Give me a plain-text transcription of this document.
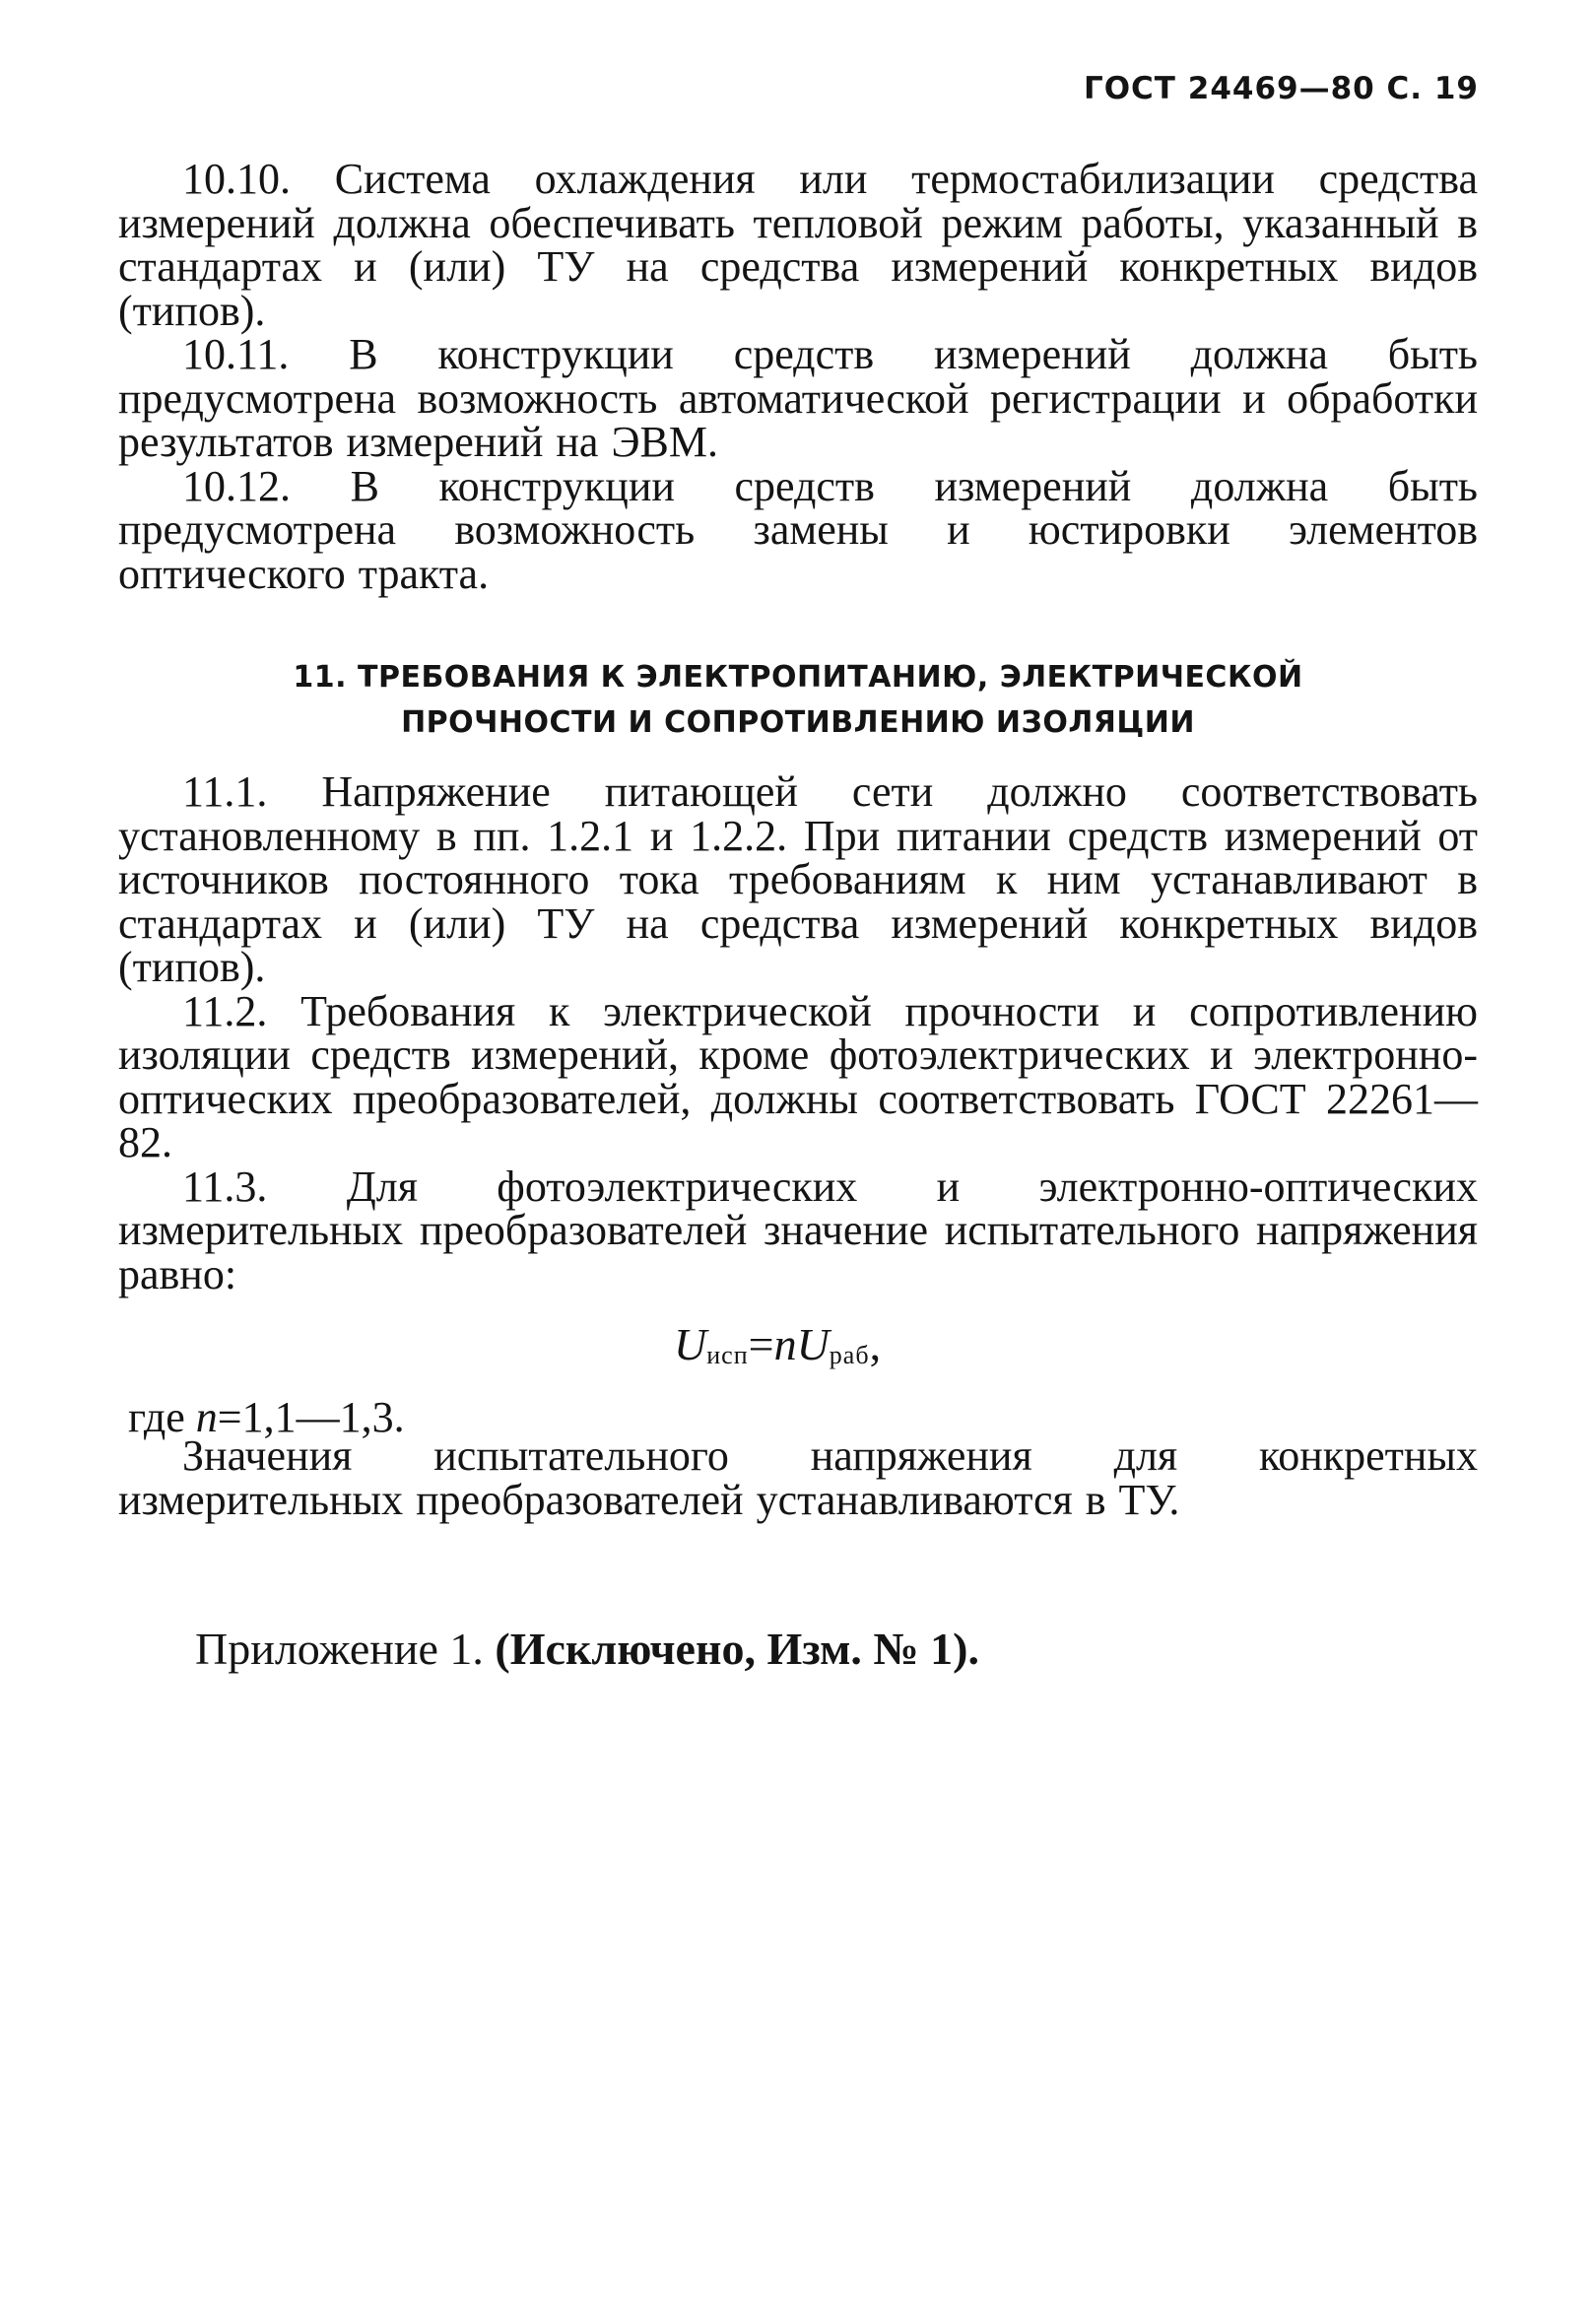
ГОСТ 24469—80 С. 19

10.10. Система охлаждения или термостабилизации средства измерений должна обеспечивать тепловой режим работы, указанный в стандартах и (или) ТУ на средства измерений конкретных видов (типов).

10.11. В конструкции средств измерений должна быть предусмотрена возможность автоматической регистрации и обработки результатов измерений на ЭВМ.

10.12. В конструкции средств измерений должна быть предусмотрена возможность замены и юстировки элементов оптического тракта.

11. ТРЕБОВАНИЯ К ЭЛЕКТРОПИТАНИЮ, ЭЛЕКТРИЧЕСКОЙ
ПРОЧНОСТИ И СОПРОТИВЛЕНИЮ ИЗОЛЯЦИИ

11.1. Напряжение питающей сети должно соответствовать установленному в пп. 1.2.1 и 1.2.2. При питании средств измерений от источников постоянного тока требованиям к ним устанавливают в стандартах и (или) ТУ на средства измерений конкретных видов (типов).

11.2. Требования к электрической прочности и сопротивлению изоляции средств измерений, кроме фотоэлектрических и электронно-оптических преобразователей, должны соответствовать ГОСТ 22261—82.

11.3. Для фотоэлектрических и электронно-оптических измерительных преобразователей значение испытательного напряжения равно:

Uисп=nUраб,
где n=1,1—1,3.

Значения испытательного напряжения для конкретных измерительных преобразователей устанавливаются в ТУ.

Приложение 1. (Исключено, Изм. № 1).
